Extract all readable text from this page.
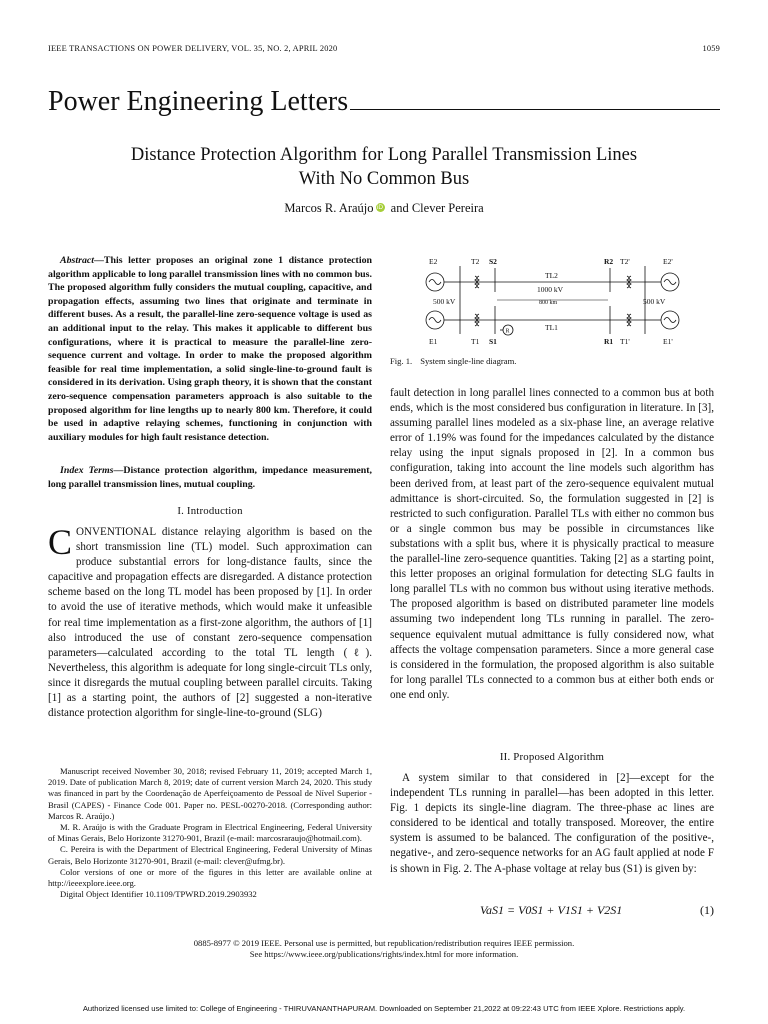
IEEE TRANSACTIONS ON POWER DELIVERY, VOL. 35, NO. 2, APRIL 2020	1059
Power Engineering Letters
Distance Protection Algorithm for Long Parallel Transmission Lines
With No Common Bus
Marcos R. Araújo iD and Clever Pereira

Abstract—This letter proposes an original zone 1 distance protection algorithm applicable to long parallel transmission lines with no common bus. The proposed algorithm fully considers the mutual coupling, capacitive, and propagation effects, assuming two lines that originate and terminate in different buses. As a result, the parallel-line zero-sequence voltage is used as an additional input to the relay. This makes it applicable to different bus configurations, where it is practical to measure the parallel-line zero-sequence current and voltage. In order to make the proposed algorithm feasible for real time implementation, a solid single-line-to-ground fault is considered in its derivation. Using graph theory, it is shown that the constant zero-sequence compensation parameters approach is also suitable to the proposed algorithm for line lengths up to nearly 800 km. Therefore, it could be used in adaptive relaying schemes, functioning in conjunction with auxiliary modules for high fault resistance detection.

Index Terms—Distance protection algorithm, impedance measurement, long parallel transmission lines, mutual coupling.

I. Introduction

CONVENTIONAL distance relaying algorithm is based on the short transmission line (TL) model. Such approximation can produce substantial errors for long-distance faults, since the capacitive and propagation effects are disregarded. A distance protection scheme based on the long TL model has been proposed by [1]. In order to avoid the use of iterative methods, which would make it unfeasible for real time implementation as a first-zone algorithm, the authors of [1] also introduced the use of constant zero-sequence compensation parameters—calculated according to the total TL length (ℓ). Nevertheless, this algorithm is adequate for long single-circuit TLs only, since it disregards the mutual coupling between parallel circuits. Taking [1] as a starting point, the authors of [2] suggested a non-iterative distance protection algorithm for single-line-to-ground (SLG)

Manuscript received November 30, 2018; revised February 11, 2019; accepted March 1, 2019. Date of publication March 8, 2019; date of current version March 24, 2020. This study was financed in part by the Coordenação de Aperfeiçoamento de Pessoal de Nível Superior - Brasil (CAPES) - Finance Code 001. Paper no. PESL-00270-2018. (Corresponding author: Marcos R. Araújo.)

M. R. Araújo is with the Graduate Program in Electrical Engineering, Federal University of Minas Gerais, Belo Horizonte 31270-901, Brazil (e-mail: marcosraraujo@hotmail.com).

C. Pereira is with the Department of Electrical Engineering, Federal University of Minas Gerais, Belo Horizonte 31270-901, Brazil (e-mail: clever@ufmg.br).

Color versions of one or more of the figures in this letter are available online at http://ieeexplore.ieee.org.

Digital Object Identifier 10.1109/TPWRD.2019.2903932

E2	T2 S2	R2 T2'	E2'
TL2
1000 kV
800 km
500 kV	500 kV
TL1
R
E1	T1 S1	R1 T1'	E1'
Fig. 1. System single-line diagram.
fault detection in long parallel lines connected to a common bus at both ends, which is the most considered bus configuration in literature. In [3], assuming parallel lines modeled as a six-phase line, an average relative error of 1.19% was found for the impedances calculated by the distance relay using the input signals proposed in [2]. In a common bus configuration, taking into account the line models such algorithm has been derived from, at least part of the zero-sequence equivalent mutual admittance is short-circuited. So, the formulation suggested in [2] is restricted to such configuration. Parallel TLs with either no common bus or a single common bus may be possible in circumstances like substations with a split bus, where it is physically practical to measure the parallel-line zero-sequence quantities. Taking [2] as a starting point, this letter proposes an original formulation for detecting SLG faults in long parallel TLs with no common bus without using iterative methods. The proposed algorithm is based on distributed parameter line models assuming two independent long TLs running in parallel. The zero-sequence equivalent mutual admittance is fully considered now, what affects the voltage compensation parameters. Since a more general case is considered in the formulation, the proposed algorithm is also suitable for long parallel TLs connected to a common bus at either both ends or one end only.
II. Proposed Algorithm

A system similar to that considered in [2]—except for the independent TLs running in parallel—has been adopted in this letter. Fig. 1 depicts its single-line diagram. The three-phase ac lines are considered to be identical and totally transposed. Moreover, the entire system is assumed to be balanced. The configuration of the positive-, negative-, and zero-sequence networks for an AG fault applied at node F is shown in Fig. 2. The A-phase voltage at relay bus (S1) is given by:

VaS1 = V0S1 + V1S1 + V2S1	(1)
0885-8977 © 2019 IEEE. Personal use is permitted, but republication/redistribution requires IEEE permission.
See https://www.ieee.org/publications/rights/index.html for more information.
Authorized licensed use limited to: College of Engineering - THIRUVANANTHAPURAM. Downloaded on September 21,2022 at 09:22:43 UTC from IEEE Xplore. Restrictions apply.
